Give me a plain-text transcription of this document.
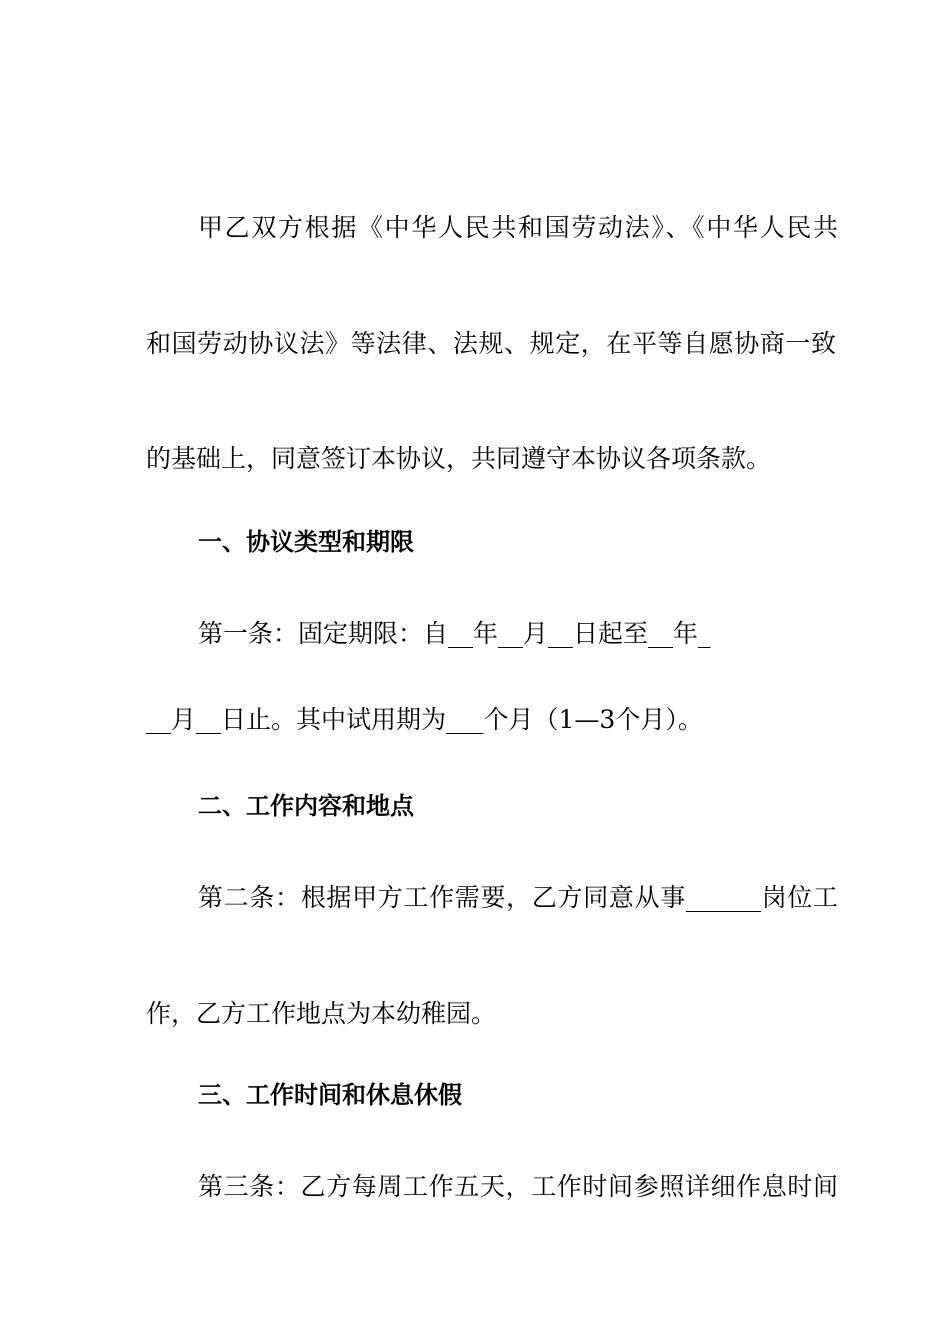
甲乙双方根据《中华人民共和国劳动法》、《中华人民共
和国劳动协议法》等法律、法规、规定，在平等自愿协商一致
的基础上，同意签订本协议，共同遵守本协议各项条款。
一、协议类型和期限
第一条：固定期限：自__年__月__日起至__年_
__月__日止。其中试用期为___个月（1—3个月）。
二、工作内容和地点
第二条：根据甲方工作需要，乙方同意从事______岗位工
作，乙方工作地点为本幼稚园。
三、工作时间和休息休假
第三条：乙方每周工作五天，工作时间参照详细作息时间
